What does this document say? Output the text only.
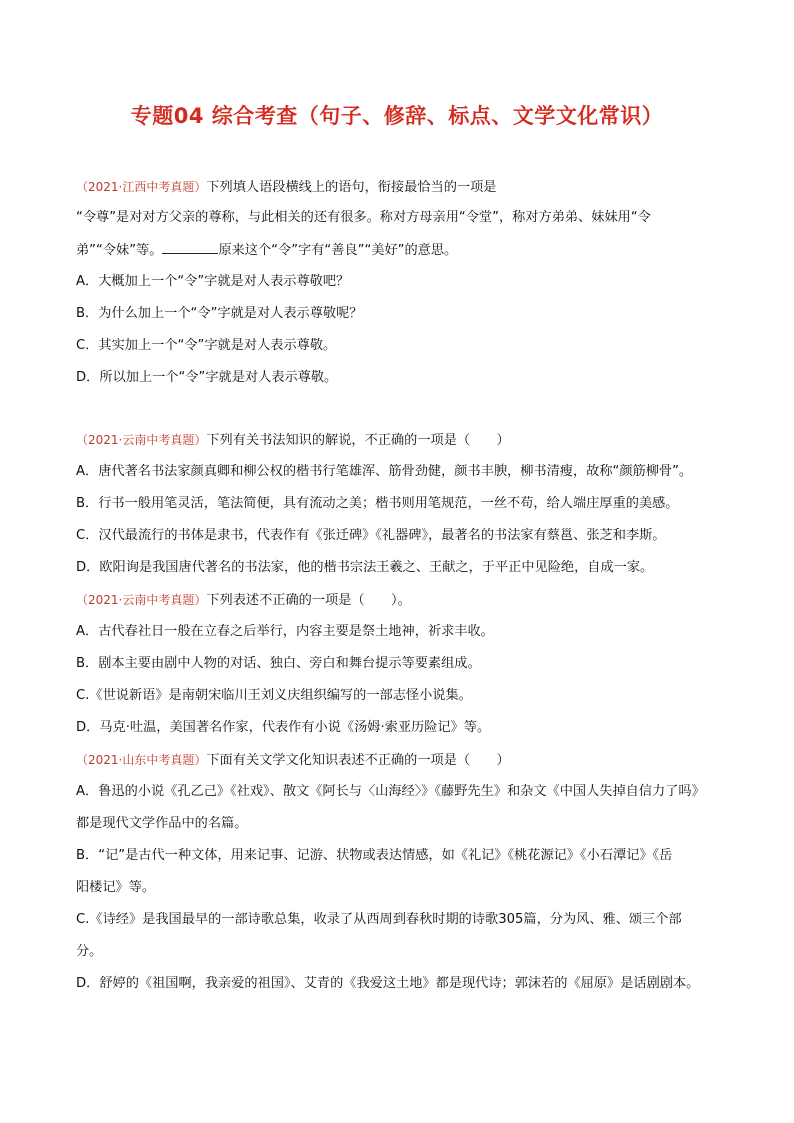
专题04 综合考查（句子、修辞、标点、文学文化常识）
（2021·江西中考真题）下列填人语段横线上的语句，衔接最恰当的一项是
“令尊”是对对方父亲的尊称，与此相关的还有很多。称对方母亲用“令堂”，称对方弟弟、妹妹用“令
弟”“令妹”等。	原来这个“令”字有“善良”“美好”的意思。
A．大概加上一个“令”字就是对人表示尊敬吧？
B．为什么加上一个“令”字就是对人表示尊敬呢？
C．其实加上一个“令”字就是对人表示尊敬。
D．所以加上一个“令”字就是对人表示尊敬。
（2021·云南中考真题）下列有关书法知识的解说，不正确的一项是（　　）
A．唐代著名书法家颜真卿和柳公权的楷书行笔雄浑、筋骨劲健，颜书丰腴，柳书清瘦，故称“颜筋柳骨”。
B．行书一般用笔灵活，笔法简便，具有流动之美；楷书则用笔规范，一丝不苟，给人端庄厚重的美感。
C．汉代最流行的书体是隶书，代表作有《张迁碑》《礼器碑》，最著名的书法家有蔡邕、张芝和李斯。
D．欧阳询是我国唐代著名的书法家，他的楷书宗法王羲之、王献之，于平正中见险绝，自成一家。
（2021·云南中考真题）下列表述不正确的一项是（　　）。
A．古代春社日一般在立春之后举行，内容主要是祭土地神，祈求丰收。
B．剧本主要由剧中人物的对话、独白、旁白和舞台提示等要素组成。
C.《世说新语》是南朝宋临川王刘义庆组织编写的一部志怪小说集。
D．马克·吐温，美国著名作家，代表作有小说《汤姆·索亚历险记》等。
（2021·山东中考真题）下面有关文学文化知识表述不正确的一项是（　　）
A．鲁迅的小说《孔乙己》《社戏》、散文《阿长与〈山海经〉》《藤野先生》和杂文《中国人失掉自信力了吗》
都是现代文学作品中的名篇。
B．“记”是古代一种文体，用来记事、记游、状物或表达情感，如《礼记》《桃花源记》《小石潭记》《岳
阳楼记》等。
C.《诗经》是我国最早的一部诗歌总集，收录了从西周到春秋时期的诗歌305篇，分为风、雅、颂三个部
分。
D．舒婷的《祖国啊，我亲爱的祖国》、艾青的《我爱这土地》都是现代诗；郭沫若的《屈原》是话剧剧本。
